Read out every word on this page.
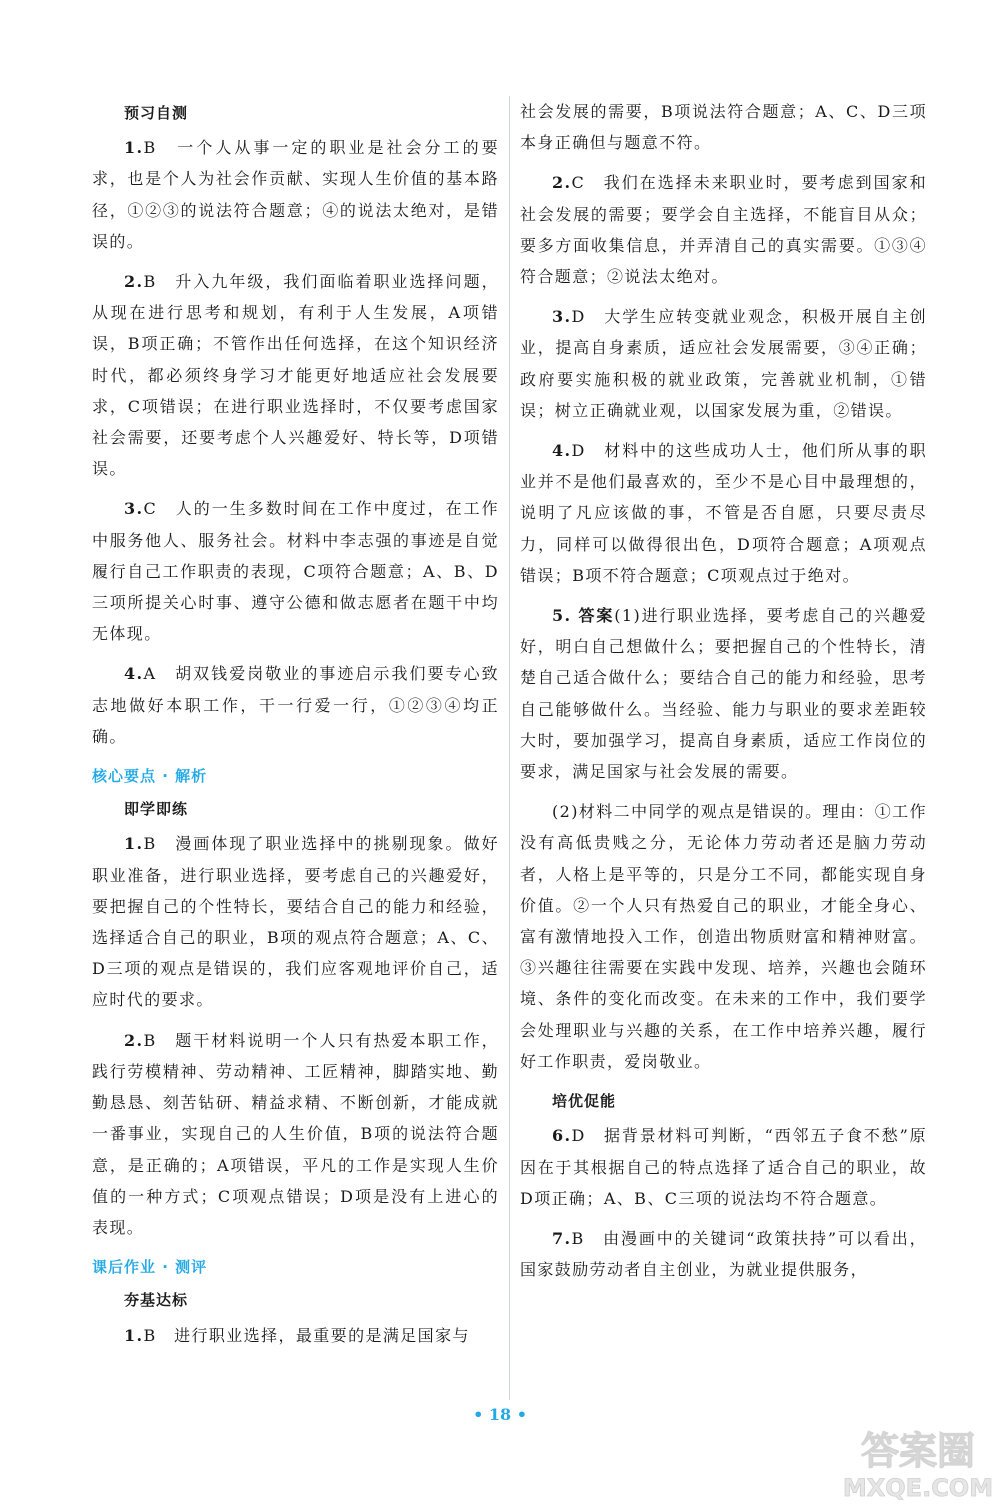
预习自测

1.B　一个人从事一定的职业是社会分工的要求，也是个人为社会作贡献、实现人生价值的基本路径，①②③的说法符合题意；④的说法太绝对，是错误的。

2.B　升入九年级，我们面临着职业选择问题，从现在进行思考和规划，有利于人生发展，A项错误，B项正确；不管作出任何选择，在这个知识经济时代，都必须终身学习才能更好地适应社会发展要求，C项错误；在进行职业选择时，不仅要考虑国家社会需要，还要考虑个人兴趣爱好、特长等，D项错误。

3.C　人的一生多数时间在工作中度过，在工作中服务他人、服务社会。材料中李志强的事迹是自觉履行自己工作职责的表现，C项符合题意；A、B、D三项所提关心时事、遵守公德和做志愿者在题干中均无体现。

4.A　胡双钱爱岗敬业的事迹启示我们要专心致志地做好本职工作，干一行爱一行，①②③④均正确。

核心要点 · 解析
即学即练

1.B　漫画体现了职业选择中的挑剔现象。做好职业准备，进行职业选择，要考虑自己的兴趣爱好，要把握自己的个性特长，要结合自己的能力和经验，选择适合自己的职业，B项的观点符合题意；A、C、D三项的观点是错误的，我们应客观地评价自己，适应时代的要求。

2.B　题干材料说明一个人只有热爱本职工作，践行劳模精神、劳动精神、工匠精神，脚踏实地、勤勤恳恳、刻苦钻研、精益求精、不断创新，才能成就一番事业，实现自己的人生价值，B项的说法符合题意，是正确的；A项错误，平凡的工作是实现人生价值的一种方式；C项观点错误；D项是没有上进心的表现。

课后作业 · 测评
夯基达标

1.B　进行职业选择，最重要的是满足国家与

社会发展的需要，B项说法符合题意；A、C、D三项本身正确但与题意不符。

2.C　我们在选择未来职业时，要考虑到国家和社会发展的需要；要学会自主选择，不能盲目从众；要多方面收集信息，并弄清自己的真实需要。①③④符合题意；②说法太绝对。

3.D　大学生应转变就业观念，积极开展自主创业，提高自身素质，适应社会发展需要，③④正确；政府要实施积极的就业政策，完善就业机制，①错误；树立正确就业观，以国家发展为重，②错误。

4.D　材料中的这些成功人士，他们所从事的职业并不是他们最喜欢的，至少不是心目中最理想的，说明了凡应该做的事，不管是否自愿，只要尽责尽力，同样可以做得很出色，D项符合题意；A项观点错误；B项不符合题意；C项观点过于绝对。

5. 答案(1)进行职业选择，要考虑自己的兴趣爱好，明白自己想做什么；要把握自己的个性特长，清楚自己适合做什么；要结合自己的能力和经验，思考自己能够做什么。当经验、能力与职业的要求差距较大时，要加强学习，提高自身素质，适应工作岗位的要求，满足国家与社会发展的需要。

(2)材料二中同学的观点是错误的。理由：①工作没有高低贵贱之分，无论体力劳动者还是脑力劳动者，人格上是平等的，只是分工不同，都能实现自身价值。②一个人只有热爱自己的职业，才能全身心、富有激情地投入工作，创造出物质财富和精神财富。③兴趣往往需要在实践中发现、培养，兴趣也会随环境、条件的变化而改变。在未来的工作中，我们要学会处理职业与兴趣的关系，在工作中培养兴趣，履行好工作职责，爱岗敬业。

培优促能

6.D　据背景材料可判断，“西邻五子食不愁”原因在于其根据自己的特点选择了适合自己的职业，故D项正确；A、B、C三项的说法均不符合题意。

7.B　由漫画中的关键词“政策扶持”可以看出，国家鼓励劳动者自主创业，为就业提供服务，

• 18 •
答案圈
MXQE.COM
